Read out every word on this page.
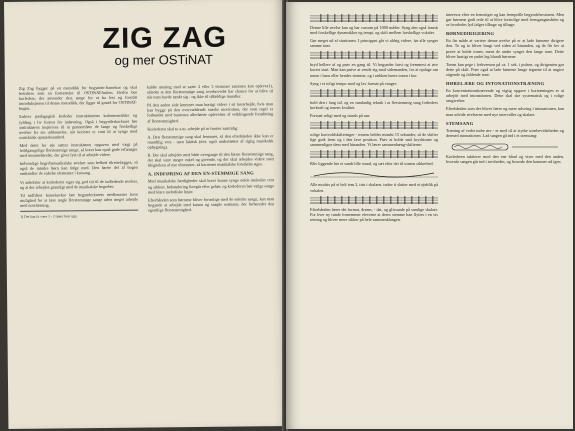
ZIG ZAG
og mer OSTiNAT

Zig Zag bygger på en metodikk for begynder-barnekor og skal betraktes som en fortsettelse til OSTINAT-boken. Derfor bør korledere, der anvender den, sørge for at ha lest og forstått introduksjonen til denne metodikk, der ligger til grund for OSTINAT-bogen.

Enhver pædagogisk korleder instruktionens kolonnenrække og fylding i liv forrest for indøvning. Også i begynderkorkoret bør instruktøren inspireres til at gennemføre de lange og forskellige øvelser fra sin uddannelse, når korister er vant til at synge med musikalsk opmærksomhed.

Med dette for øje sætter instruktøren opgaven med vægt på lettilgængelige flerstemmige sange, så koret kan opnå gode erfaringer med stemmeførelse, der giver lyst til at arbejde videre.

Indvendige begrebsmusikalske øvelser som helhed tilrettelægges, så også de mindre børn kan følge med. Den første del af bogen omhandler de enkelte elementer i korsang.

Vi anbefaler at korlederen tager sig god tid til de indledende øvelser, og at der arbejdes grundigt med de musikalske begreber.

Til indfiltret barnekorkor bør begynderkorets medlemmer have mulighed for at lære nogle flerstemmige sange uden meget arbejde med notelæsning.

1) Det kan fx være 1 - 2 timer hver uge.

kaldte mening med at sætte 2 eller 3 stemmer sammen kan opleves1), således at den flerstemmige sang overhovedet har chance for at blive til når man havde tænkt sig - og ikke til tilfældige mundler.

På den anden side kommer man hurtigt videre i sit korarbejde, hvis man kan bygge på den overvældende stærke motivation, der som regel er forbundet med barnenes allerførste oplevelser af velklingende fremføring af flerstemmighed.

Korlederen skal to a.m. arbejde på to fronter samtidig:

A. Den flerstemmige sang skal fremmes, så den efterhånden ikke kun er mundtlig vers - men faktisk (dvs. også understøttet af rigtig musikalsk opbygning).

B. Der skal arbejdes med både overgange til den første flerstemmige sang, der skal være meget enkel og givende, og der skal arbejdes videre med tilegnelsen af nye elementer, så barnenes musikalske forståelse øges.

A. INDFØRING AF DEN EN-STEMMIGE SANG

Med musikalske færdigheder skal koret kunne synge enkle melodier rent og sikkert. Indstudering foregår efter gehør, og korlederen bør vælge sange med klare melodiske linjer.

Efterhånden som børnene bliver fortrolige med de enkelte sange, kan man begynde at arbejde med kanon og simple ostinater, der forbereder den egentlige flerstemmighed.

Denne lille øvelse kan og har varsom på 1000 måder. Syng den også fransk med forskellige dynamikker og tempi, og skift mellem forskellige vokaler.

Gør meget ud af starttonen. I princippet går vi aldrig videre, før alle synger samme tone.

bryd hellere af og prøv en gang til. Vi begynder først og fremmest at øve korets start. Man kan prøve at vende sig mod sidemanden, for at opdage om tonen i hans eller hendes stemme, og i rækken høres tonen i kor.

Syng i et roligt tempo mod og lav format på vanger:

hold den i lang tid, og en sundanlig teknik i at flerstemmig sang forbedres korkraft og tonens kvalitet.

Fortsæt roligt med og stands på uns

rolige kortvoldskifteringer - tonens heldes mindst 15 sekunder, så de skifter lige godt frem og i den lave position. Prøv at holde små krydstoner og sammenligne dem med hinanden. Vi lærer sammenhæng-skifterne:

Bliv liggende her et sundt lille stund, og sæt efter det til tonens sikkerhed.

Alle modsts på et helt tem 2, trin i skalaen, indøv ti slutter med et øjeblik på vokalen.

Efterhånden lærer det format, drøms, - dat, og glissande på samlige skalaer. For hver ny runde fornemmer eleverne at deres stemme kan flyttes i en vis retning og bliver mere sikker på hele sammenklangen.

interesse efter en fremstiger og kan fremprille begyndelsestonen. Men gør børnene godt rede til at blive fortrolige med fremgangsmåden og se hvorledes lyd følger tilbage og tilbage.

BØRNEDIRIGERING

En fin måde at variere denne øvelse på er at lade børnene dirigere den. To og to bliver brugt ved siden af hinanden, og de får lov at prøve at holde tonen, mens de andre synger den lange tone. Dette bliver hurtigt en yndet leg blandt børnene.

Tonen kan pege i frekvensen på ca. 1 sek. i pulsen, og dirigenten gør dette på skift. Prøv også at lade børnene bruge tegnene til at angive stigende og faldende tone.

HØRELÆRE OG INTONATIONSTRÆNING

En koncentrationskrævende og vigtig opgave i kortræningen er at arbejde med intonationen. Dette skal ske systematisk og i rolige omgivelser.

Efterhånden som der bliver færre og mere udsving i intonationen, kan man udvide øvelserne med nye intervaller og skalaer.

STEMSANG

Træning af vedet indre øre - er med til at styrke tonebevidstheden og dermed intonationen. Lad sangen gå ind i et stemsang:

Korlederen taktierer mod den ene hånd og viser med den anden, hvornår sangen går ind i tavsheden, og hvornår den kommer ud igen.
